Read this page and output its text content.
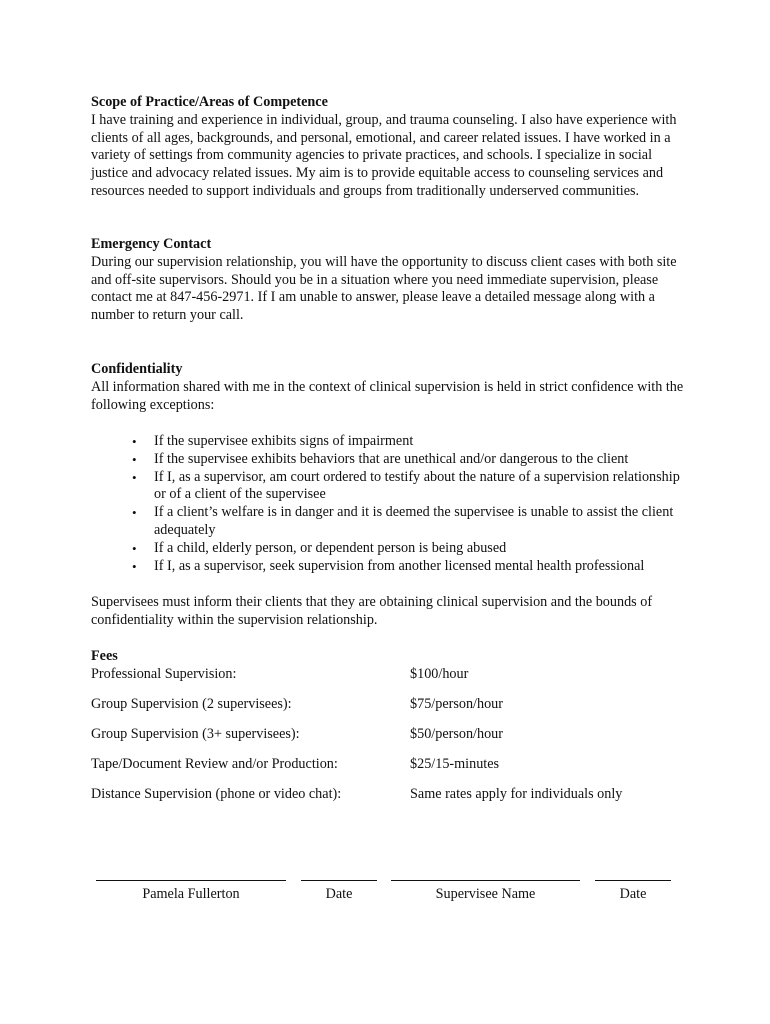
Scope of Practice/Areas of Competence

I have training and experience in individual, group, and trauma counseling. I also have experience with clients of all ages, backgrounds, and personal, emotional, and career related issues. I have worked in a variety of settings from community agencies to private practices, and schools. I specialize in social justice and advocacy related issues. My aim is to provide equitable access to counseling services and resources needed to support individuals and groups from traditionally underserved communities.

Emergency Contact

During our supervision relationship, you will have the opportunity to discuss client cases with both site and off-site supervisors. Should you be in a situation where you need immediate supervision, please contact me at 847-456-2971. If I am unable to answer, please leave a detailed message along with a number to return your call.

Confidentiality

All information shared with me in the context of clinical supervision is held in strict confidence with the following exceptions:

• If the supervisee exhibits signs of impairment
• If the supervisee exhibits behaviors that are unethical and/or dangerous to the client
• If I, as a supervisor, am court ordered to testify about the nature of a supervision relationship or of a client of the supervisee
• If a client’s welfare is in danger and it is deemed the supervisee is unable to assist the client adequately
• If a child, elderly person, or dependent person is being abused
• If I, as a supervisor, seek supervision from another licensed mental health professional

Supervisees must inform their clients that they are obtaining clinical supervision and the bounds of confidentiality within the supervision relationship.

Fees
Professional Supervision:	$100/hour
Group Supervision (2 supervisees):	$75/person/hour
Group Supervision (3+ supervisees):	$50/person/hour
Tape/Document Review and/or Production:	$25/15-minutes
Distance Supervision (phone or video chat):	Same rates apply for individuals only
Pamela Fullerton	Date	Supervisee Name	Date
